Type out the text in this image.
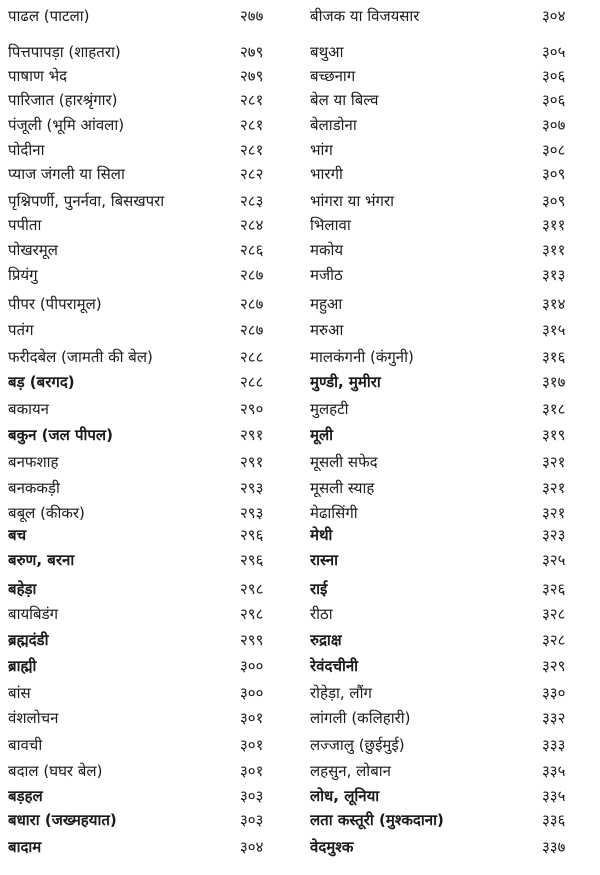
पाढल (पाटला)	२७७	बीजक या विजयसार	३०४
पित्तपापड़ा (शाहतरा)	२७९	बथुआ	३०५
पाषाण भेद	२७९	बच्छनाग	३०६
पारिजात (हारश्रृंगार)	२८१	बेल या बिल्व	३०६
पंजूली (भूमि आंवला)	२८१	बेलाडोना	३०७
पोदीना	२८१	भांग	३०८
प्याज जंगली या सिला	२८२	भारगी	३०९
पृश्निपर्णी, पुनर्नवा, बिसखपरा	२८३	भांगरा या भंगरा	३०९
पपीता	२८४	भिलावा	३११
पोखरमूल	२८६	मकोय	३११
प्रियंगु	२८७	मजीठ	३१३
पीपर (पीपरामूल)	२८७	महुआ	३१४
पतंग	२८७	मरुआ	३१५
फरीदबेल (जामती की बेल)	२८८	मालकंगनी (कंगुनी)	३१६
बड़ (बरगद)	२८८	मुण्डी, मुमीरा	३१७
बकायन	२९०	मुलहटी	३१८
बकुन (जल पीपल)	२९१	मूली	३१९
बनफशाह	२९१	मूसली सफेद	३२१
बनककड़ी	२९३	मूसली स्याह	३२१
बबूल (कीकर)	२९३	मेढासिंगी	३२१
बच	२९६	मेथी	३२३
बरुण, बरना	२९६	रास्ना	३२५
बहेड़ा	२९८	राई	३२६
बायबिडंग	२९८	रीठा	३२८
ब्रह्मदंडी	२९९	रुद्राक्ष	३२८
ब्राह्मी	३००	रेवंदचीनी	३२९
बांस	३००	रोहेड़ा, लौंग	३३०
वंशलोचन	३०१	लांगली (कलिहारी)	३३२
बावची	३०१	लज्जालु (छुईमुई)	३३३
बदाल (घघर बेल)	३०१	लहसुन, लोबान	३३५
बड़हल	३०३	लोध, लूनिया	३३५
बधारा (जख्महयात)	३०३	लता कस्तूरी (मुश्कदाना)	३३६
बादाम	३०४	वेदमुश्क	३३७
